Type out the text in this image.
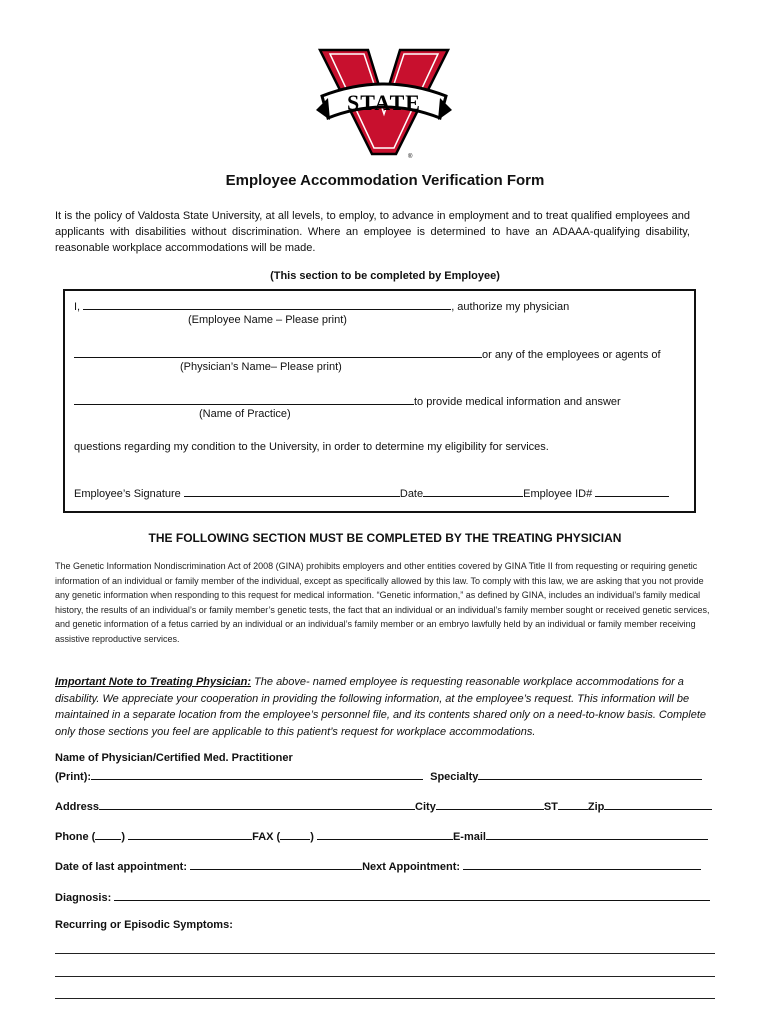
STATE
®
Employee Accommodation Verification Form
It is the policy of Valdosta State University, at all levels, to employ, to advance in employment and to treat qualified employees and applicants with disabilities without discrimination. Where an employee is determined to have an ADAAA-qualifying disability, reasonable workplace accommodations will be made.
(This section to be completed by Employee)
I,	, authorize my physician
(Employee Name – Please print)
or any of the employees or agents of
(Physician’s Name– Please print)
to provide medical information and answer
(Name of Practice)
questions regarding my condition to the University, in order to determine my eligibility for services.
Employee’s Signature	Date	Employee ID#
THE FOLLOWING SECTION MUST BE COMPLETED BY THE TREATING PHYSICIAN
The Genetic Information Nondiscrimination Act of 2008 (GINA) prohibits employers and other entities covered by GINA Title II from requesting or requiring genetic information of an individual or family member of the individual, except as specifically allowed by this law. To comply with this law, we are asking that you not provide any genetic information when responding to this request for medical information. “Genetic information,” as defined by GINA, includes an individual’s family medical history, the results of an individual’s or family member’s genetic tests, the fact that an individual or an individual’s family member sought or received genetic services, and genetic information of a fetus carried by an individual or an individual’s family member or an embryo lawfully held by an individual or family member receiving assistive reproductive services.
Important Note to Treating Physician: The above- named employee is requesting reasonable workplace accommodations for a disability. We appreciate your cooperation in providing the following information, at the employee’s request. This information will be maintained in a separate location from the employee’s personnel file, and its contents shared only on a need-to-know basis. Complete only those sections you feel are applicable to this patient’s request for workplace accommodations.
Name of Physician/Certified Med. Practitioner
(Print):	Specialty
Address	City	ST	Zip
Phone ( )	FAX (	)	E-mail
Date of last appointment:	Next Appointment:
Diagnosis:
Recurring or Episodic Symptoms:
